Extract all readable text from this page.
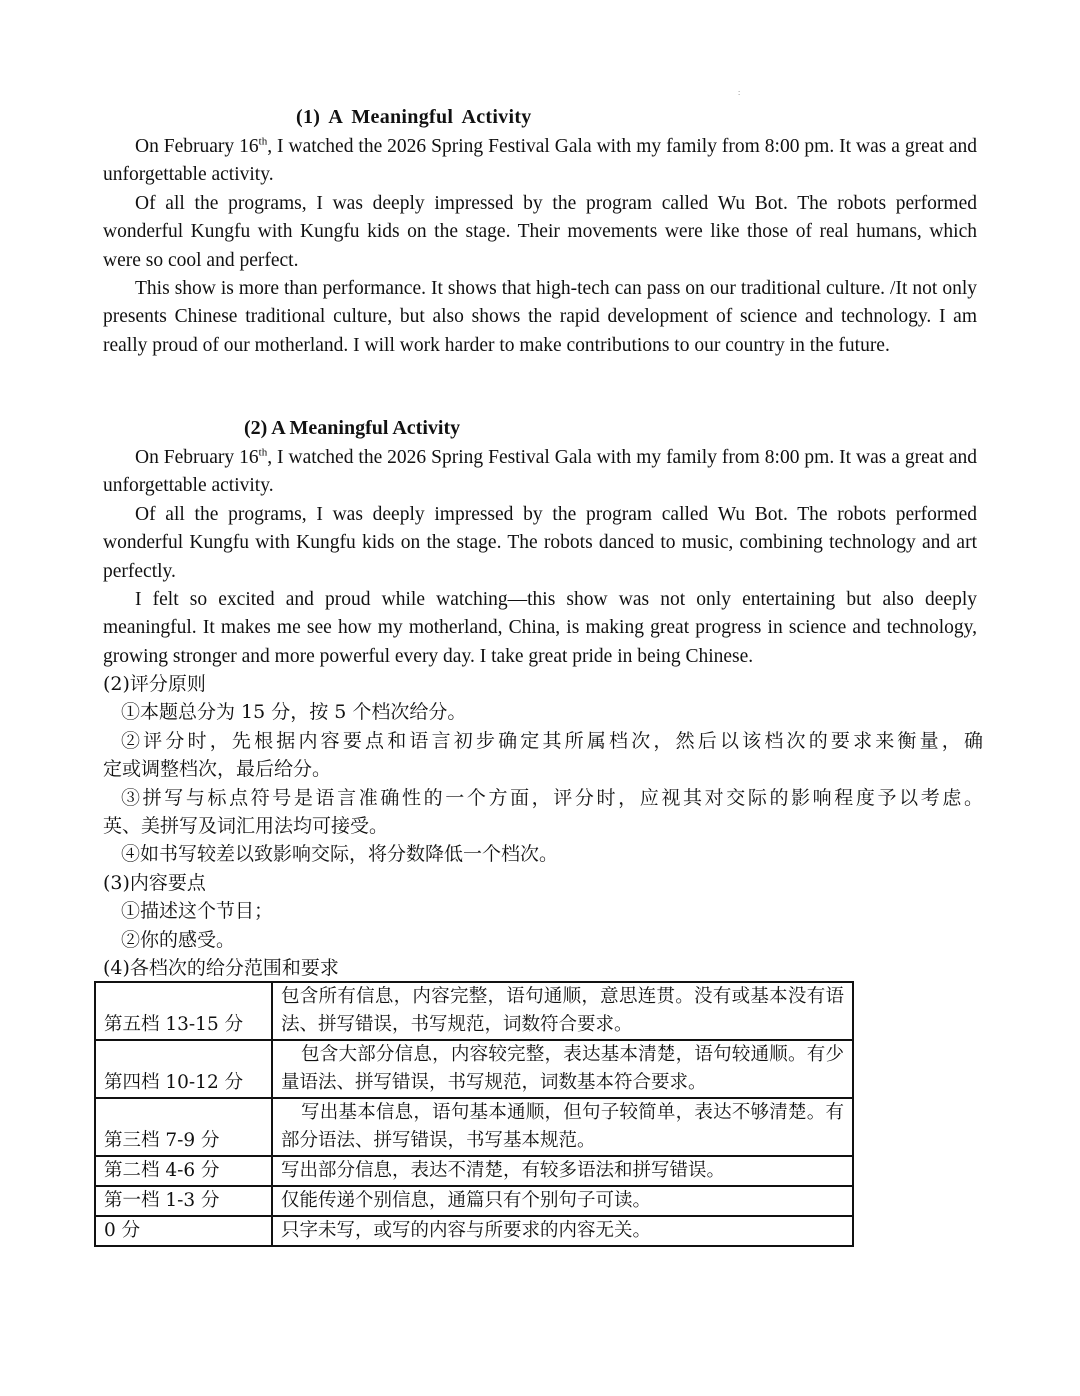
:
(1) A Meaningful Activity

On February 16th, I watched the 2026 Spring Festival Gala with my family from 8:00 pm. It was a great and unforgettable activity.

Of all the programs, I was deeply impressed by the program called Wu Bot. The robots performed wonderful Kungfu with Kungfu kids on the stage. Their movements were like those of real humans, which were so cool and perfect.

This show is more than performance. It shows that high-tech can pass on our traditional culture. /It not only presents Chinese traditional culture, but also shows the rapid development of science and technology. I am really proud of our motherland. I will work harder to make contributions to our country in the future.

(2) A Meaningful Activity

On February 16th, I watched the 2026 Spring Festival Gala with my family from 8:00 pm. It was a great and unforgettable activity.

Of all the programs, I was deeply impressed by the program called Wu Bot. The robots performed wonderful Kungfu with Kungfu kids on the stage. The robots danced to music, combining technology and art perfectly.

I felt so excited and proud while watching—this show was not only entertaining but also deeply meaningful. It makes me see how my motherland, China, is making great progress in science and technology, growing stronger and more powerful every day. I take great pride in being Chinese.

(2)评分原则
①本题总分为 15 分，按 5 个档次给分。
②评分时，先根据内容要点和语言初步确定其所属档次，然后以该档次的要求来衡量，确
定或调整档次，最后给分。
③拼写与标点符号是语言准确性的一个方面，评分时，应视其对交际的影响程度予以考虑。
英、美拼写及词汇用法均可接受。
④如书写较差以致影响交际，将分数降低一个档次。
(3)内容要点
①描述这个节目；
②你的感受。
(4)各档次的给分范围和要求
第五档 13-15 分	包含所有信息，内容完整，语句通顺，意思连贯。没有或基本没有语法、拼写错误，书写规范，词数符合要求。
第四档 10-12 分	包含大部分信息，内容较完整，表达基本清楚，语句较通顺。有少量语法、拼写错误，书写规范，词数基本符合要求。
第三档 7-9 分	写出基本信息，语句基本通顺，但句子较简单，表达不够清楚。有部分语法、拼写错误，书写基本规范。
第二档 4-6 分	写出部分信息，表达不清楚，有较多语法和拼写错误。
第一档 1-3 分	仅能传递个别信息，通篇只有个别句子可读。
0 分	只字未写，或写的内容与所要求的内容无关。
